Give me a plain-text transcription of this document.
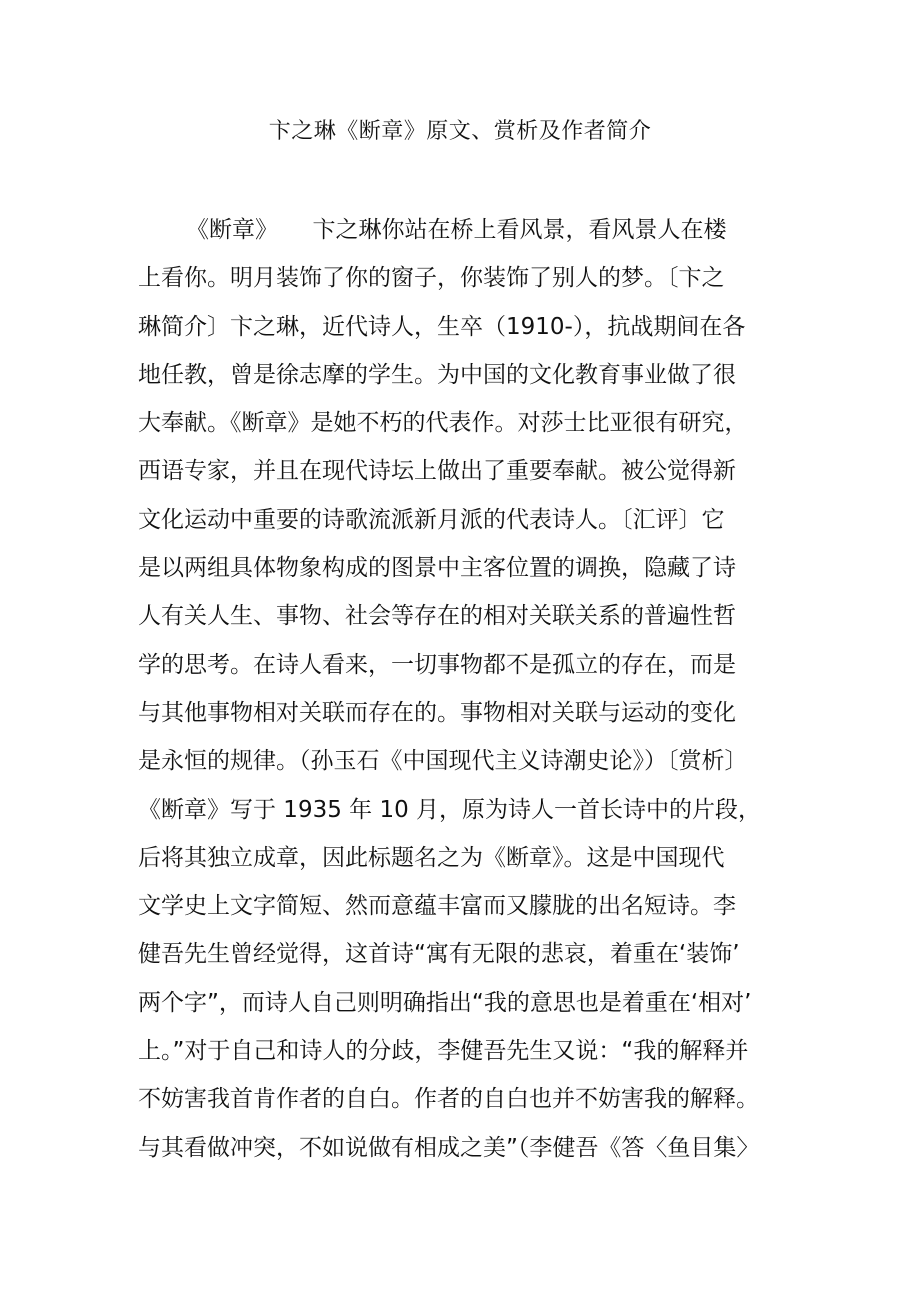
卞之琳《断章》原文、赏析及作者简介
《断章》　　卞之琳你站在桥上看风景，看风景人在楼
上看你。明月装饰了你的窗子，你装饰了别人的梦。〔卞之
琳简介〕卞之琳，近代诗人，生卒（1910-），抗战期间在各
地任教，曾是徐志摩的学生。为中国的文化教育事业做了很
大奉献。《断章》是她不朽的代表作。对莎士比亚很有研究，
西语专家，并且在现代诗坛上做出了重要奉献。被公觉得新
文化运动中重要的诗歌流派新月派的代表诗人。〔汇评〕它
是以两组具体物象构成的图景中主客位置的调换，隐藏了诗
人有关人生、事物、社会等存在的相对关联关系的普遍性哲
学的思考。在诗人看来，一切事物都不是孤立的存在，而是
与其他事物相对关联而存在的。事物相对关联与运动的变化
是永恒的规律。（孙玉石《中国现代主义诗潮史论》）〔赏析〕
《断章》写于 1935 年 10 月，原为诗人一首长诗中的片段，
后将其独立成章，因此标题名之为《断章》。这是中国现代
文学史上文字简短、然而意蕴丰富而又朦胧的出名短诗。李
健吾先生曾经觉得，这首诗“寓有无限的悲哀，着重在‘装饰’
两个字”，而诗人自己则明确指出“我的意思也是着重在‘相对’
上。”对于自己和诗人的分歧，李健吾先生又说：“我的解释并
不妨害我首肯作者的自白。作者的自白也并不妨害我的解释。
与其看做冲突，不如说做有相成之美”（李健吾《答〈鱼目集〉
